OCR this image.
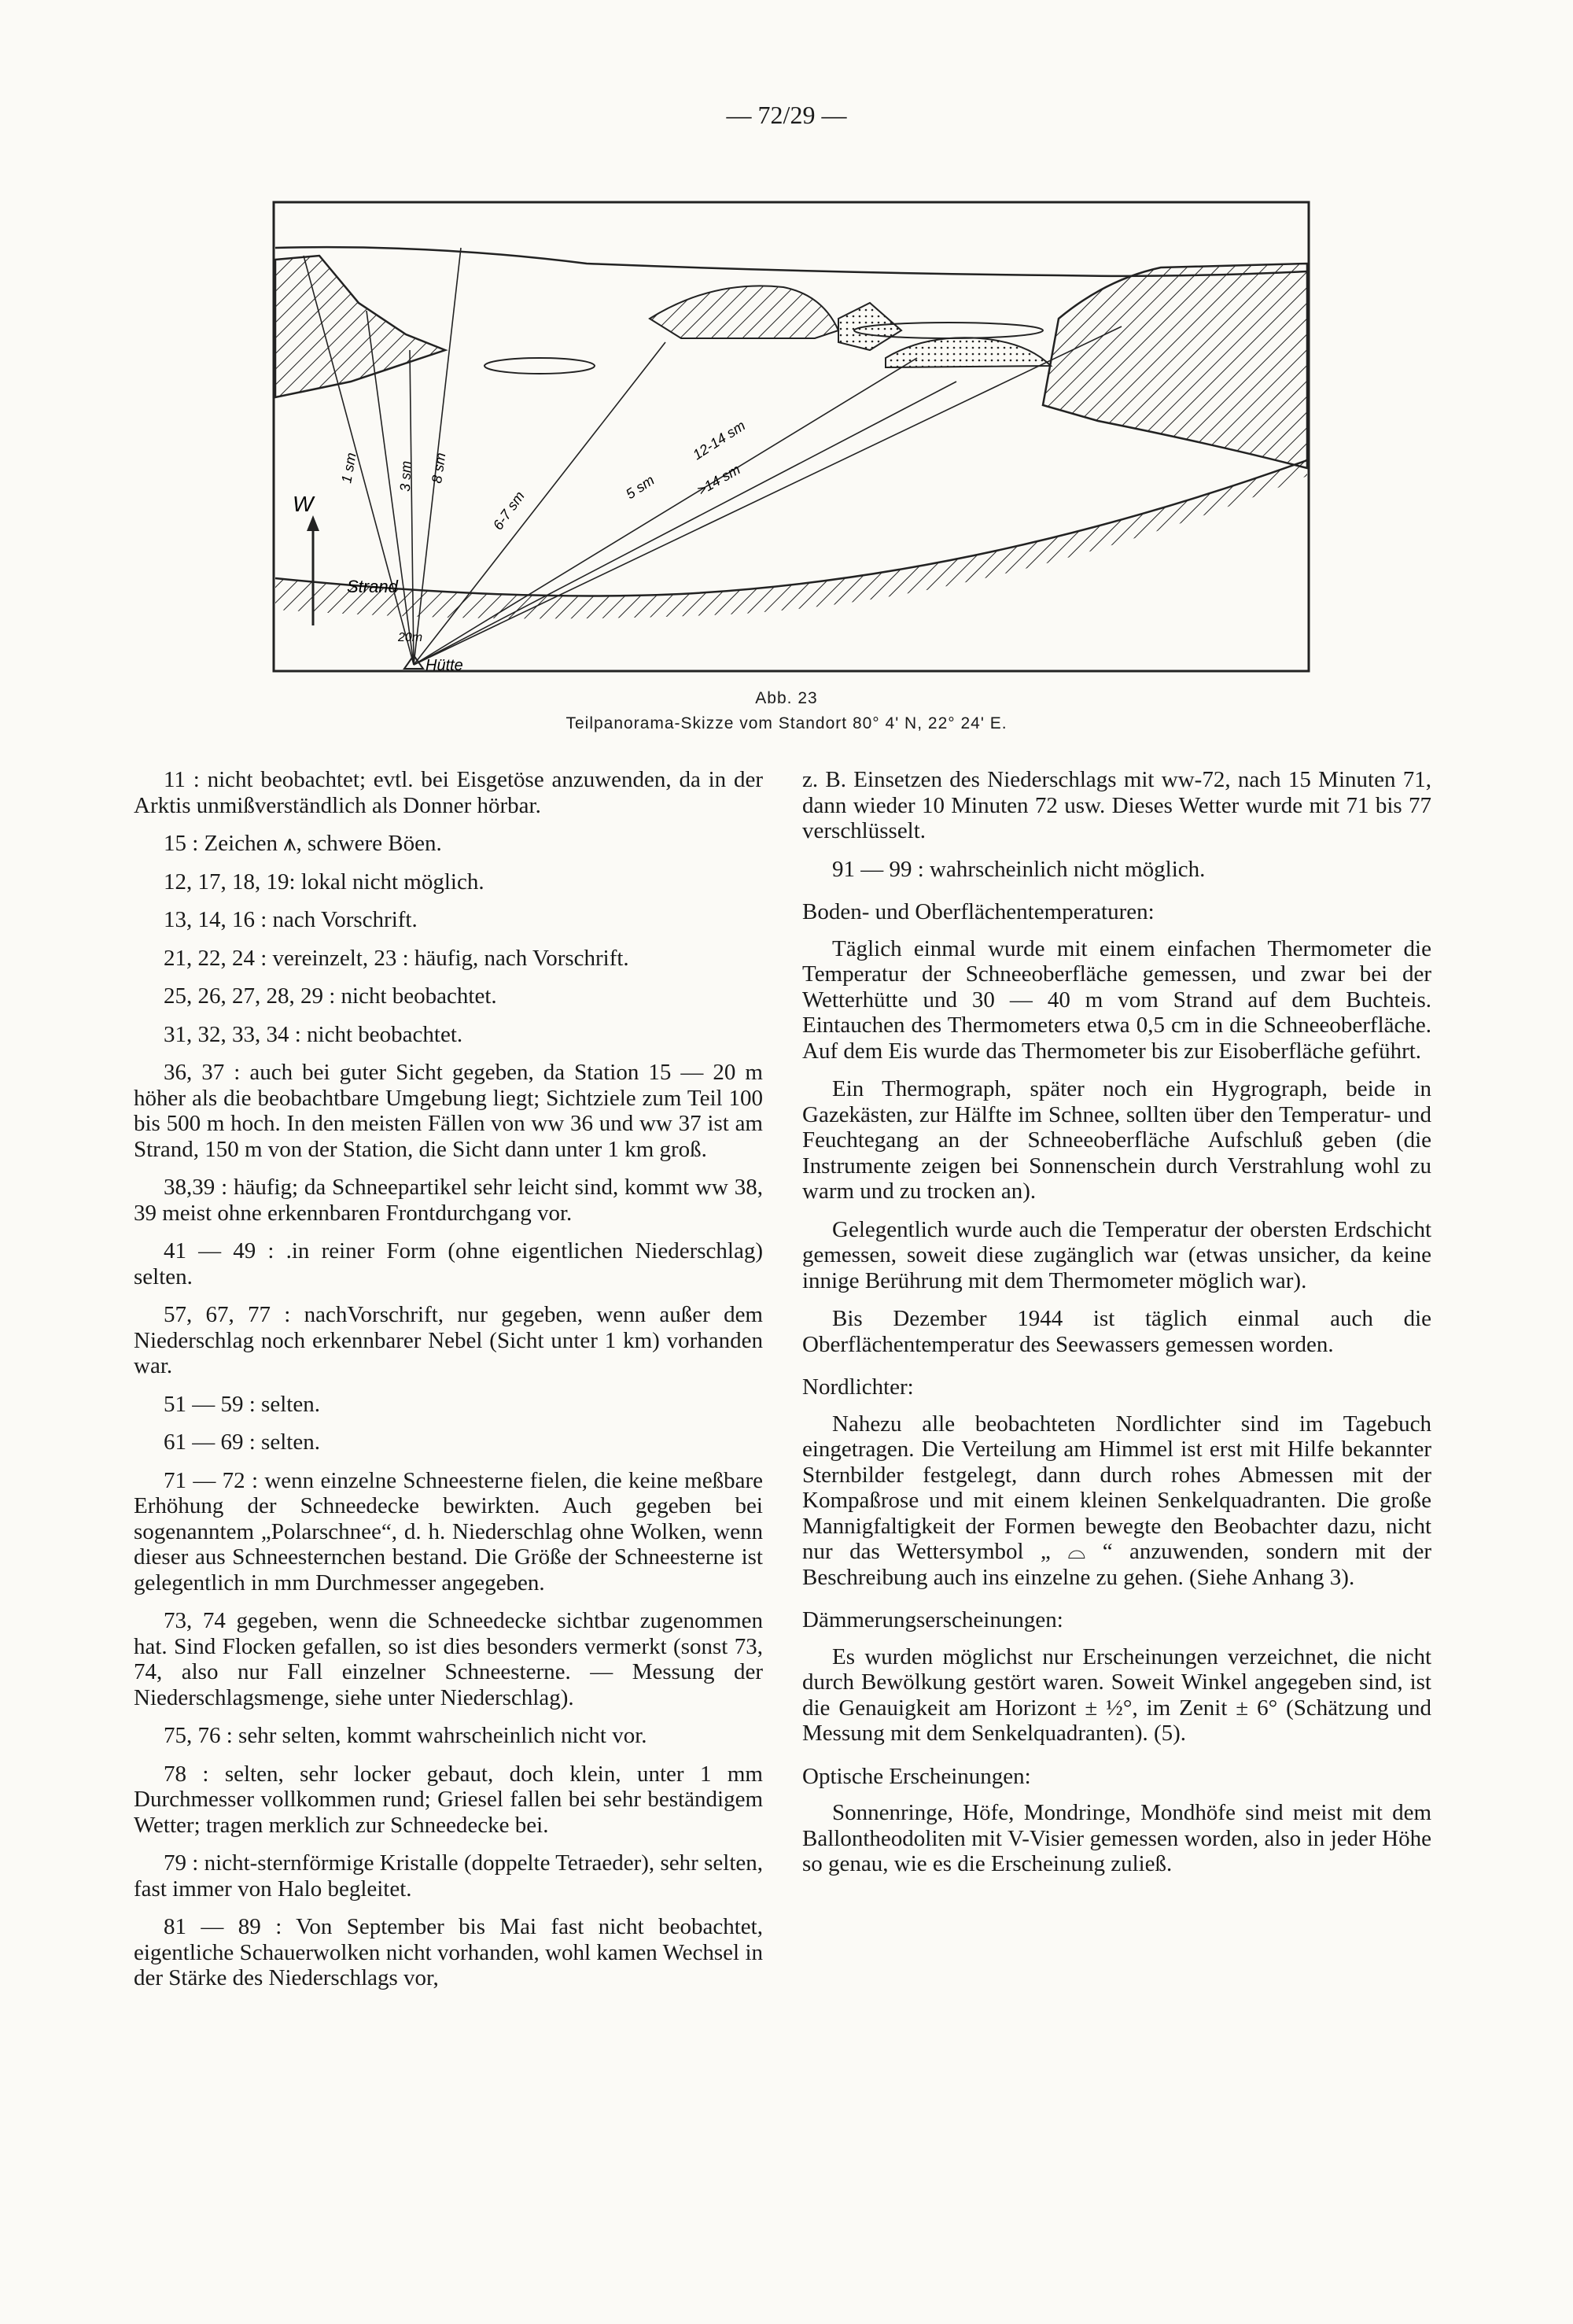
— 72/29 —
W
Strand
Hütte
20m
1 sm	3 sm 8 sm
6-7 sm
5 sm
12-14 sm
>14 sm
Abb. 23
Teilpanorama-Skizze vom Standort 80° 4' N, 22° 24' E.

11 : nicht beobachtet; evtl. bei Eisgetöse anzuwenden, da in der Arktis unmißverständlich als Donner hörbar.

15 : Zeichen ⩚, schwere Böen.

12, 17, 18, 19: lokal nicht möglich.

13, 14, 16 : nach Vorschrift.

21, 22, 24 : vereinzelt, 23 : häufig, nach Vorschrift.

25, 26, 27, 28, 29 : nicht beobachtet.

31, 32, 33, 34 : nicht beobachtet.

36, 37 : auch bei guter Sicht gegeben, da Station 15 — 20 m höher als die beobachtbare Umgebung liegt; Sichtziele zum Teil 100 bis 500 m hoch. In den meisten Fällen von ww 36 und ww 37 ist am Strand, 150 m von der Station, die Sicht dann unter 1 km groß.

38,39 : häufig; da Schneepartikel sehr leicht sind, kommt ww 38, 39 meist ohne erkennbaren Frontdurchgang vor.

41 — 49 : .in reiner Form (ohne eigentlichen Niederschlag) selten.

57, 67, 77 : nachVorschrift, nur gegeben, wenn außer dem Niederschlag noch erkennbarer Nebel (Sicht unter 1 km) vorhanden war.

51 — 59 : selten.

61 — 69 : selten.

71 — 72 : wenn einzelne Schneesterne fielen, die keine meßbare Erhöhung der Schneedecke bewirkten. Auch gegeben bei sogenanntem „Polarschnee“, d. h. Niederschlag ohne Wolken, wenn dieser aus Schneesternchen bestand. Die Größe der Schneesterne ist gelegentlich in mm Durchmesser angegeben.

73, 74 gegeben, wenn die Schneedecke sichtbar zugenommen hat. Sind Flocken gefallen, so ist dies besonders vermerkt (sonst 73, 74, also nur Fall einzelner Schneesterne. — Messung der Niederschlagsmenge, siehe unter Niederschlag).

75, 76 : sehr selten, kommt wahrscheinlich nicht vor.

78 : selten, sehr locker gebaut, doch klein, unter 1 mm Durchmesser vollkommen rund; Griesel fallen bei sehr beständigem Wetter; tragen merklich zur Schneedecke bei.

79 : nicht-sternförmige Kristalle (doppelte Tetraeder), sehr selten, fast immer von Halo begleitet.

81 — 89 : Von September bis Mai fast nicht beobachtet, eigentliche Schauerwolken nicht vorhanden, wohl kamen Wechsel in der Stärke des Niederschlags vor,

z. B. Einsetzen des Niederschlags mit ww-72, nach 15 Minuten 71, dann wieder 10 Minuten 72 usw. Dieses Wetter wurde mit 71 bis 77 verschlüsselt.

91 — 99 : wahrscheinlich nicht möglich.

Boden- und Oberflächentemperaturen:

Täglich einmal wurde mit einem einfachen Thermometer die Temperatur der Schneeoberfläche gemessen, und zwar bei der Wetterhütte und 30 — 40 m vom Strand auf dem Buchteis. Eintauchen des Thermometers etwa 0,5 cm in die Schneeoberfläche. Auf dem Eis wurde das Thermometer bis zur Eisoberfläche geführt.

Ein Thermograph, später noch ein Hygrograph, beide in Gazekästen, zur Hälfte im Schnee, sollten über den Temperatur- und Feuchtegang an der Schneeoberfläche Aufschluß geben (die Instrumente zeigen bei Sonnenschein durch Verstrahlung wohl zu warm und zu trocken an).

Gelegentlich wurde auch die Temperatur der obersten Erdschicht gemessen, soweit diese zugänglich war (etwas unsicher, da keine innige Berührung mit dem Thermometer möglich war).

Bis Dezember 1944 ist täglich einmal auch die Oberflächentemperatur des Seewassers gemessen worden.

Nordlichter:

Nahezu alle beobachteten Nordlichter sind im Tagebuch eingetragen. Die Verteilung am Himmel ist erst mit Hilfe bekannter Sternbilder festgelegt, dann durch rohes Abmessen mit der Kompaßrose und mit einem kleinen Senkelquadranten. Die große Mannigfaltigkeit der Formen bewegte den Beobachter dazu, nicht nur das Wettersymbol „ ⌓ “ anzuwenden, sondern mit der Beschreibung auch ins einzelne zu gehen. (Siehe Anhang 3).

Dämmerungserscheinungen:

Es wurden möglichst nur Erscheinungen verzeichnet, die nicht durch Bewölkung gestört waren. Soweit Winkel angegeben sind, ist die Genauigkeit am Horizont ± ½°, im Zenit ± 6° (Schätzung und Messung mit dem Senkelquadranten). (5).

Optische Erscheinungen:

Sonnenringe, Höfe, Mondringe, Mondhöfe sind meist mit dem Ballontheodoliten mit V-Visier gemessen worden, also in jeder Höhe so genau, wie es die Erscheinung zuließ.
